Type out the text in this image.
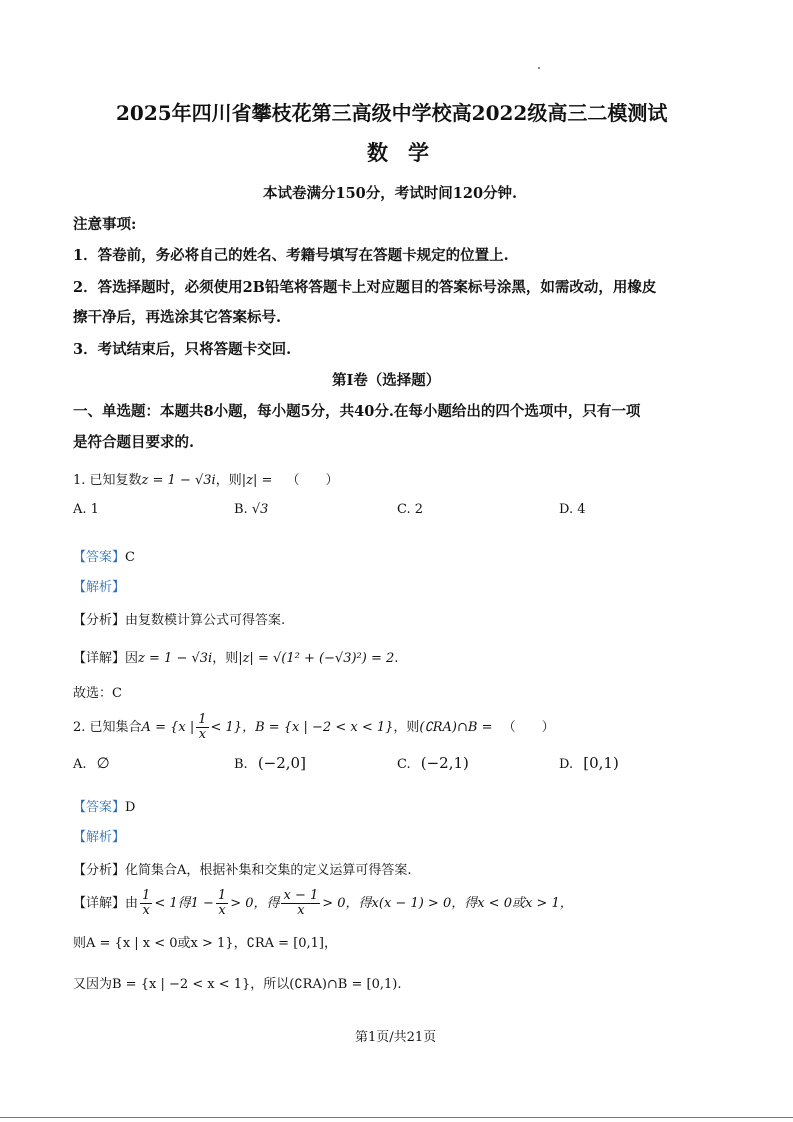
2025年四川省攀枝花第三高级中学校高2022级高三二模测试
数学
本试卷满分150分，考试时间120分钟.
注意事项:
1．答卷前，务必将自己的姓名、考籍号填写在答题卡规定的位置上.
2．答选择题时，必须使用2B铅笔将答题卡上对应题目的答案标号涂黑，如需改动，用橡皮
擦干净后，再选涂其它答案标号.
3．考试结束后，只将答题卡交回.
第I卷（选择题）
一、单选题：本题共8小题，每小题5分，共40分.在每小题给出的四个选项中，只有一项
是符合题目要求的.
1. 已知复数z = 1 − √3i，则|z| = （　　）
A. 1	B. √3	C. 2	D. 4
【答案】C
【解析】
【分析】由复数模计算公式可得答案.
【详解】因z = 1 − √3i，则|z| = √(1² + (−√3)²) = 2.
故选：C
2. 已知集合A = {x | $\frac{1}{x} < 1$}，B = {x | −2 < x < 1}，则(∁RA)∩B = （　　）
A. ∅	B. (−2,0]	C. (−2,1)	D. [0,1)
【答案】D
【解析】
【分析】化简集合A，根据补集和交集的定义运算可得答案.
【详解】由 $\frac{1}{x} < 1$得$1 - \frac{1}{x} > 0$，得 $\frac{x - 1}{x} > 0$，得x(x − 1) > 0，得x < 0或x > 1，
则A = {x | x < 0或x > 1}，∁RA = [0,1]，
又因为B = {x | −2 < x < 1}，所以(∁RA)∩B = [0,1).
第1页/共21页
